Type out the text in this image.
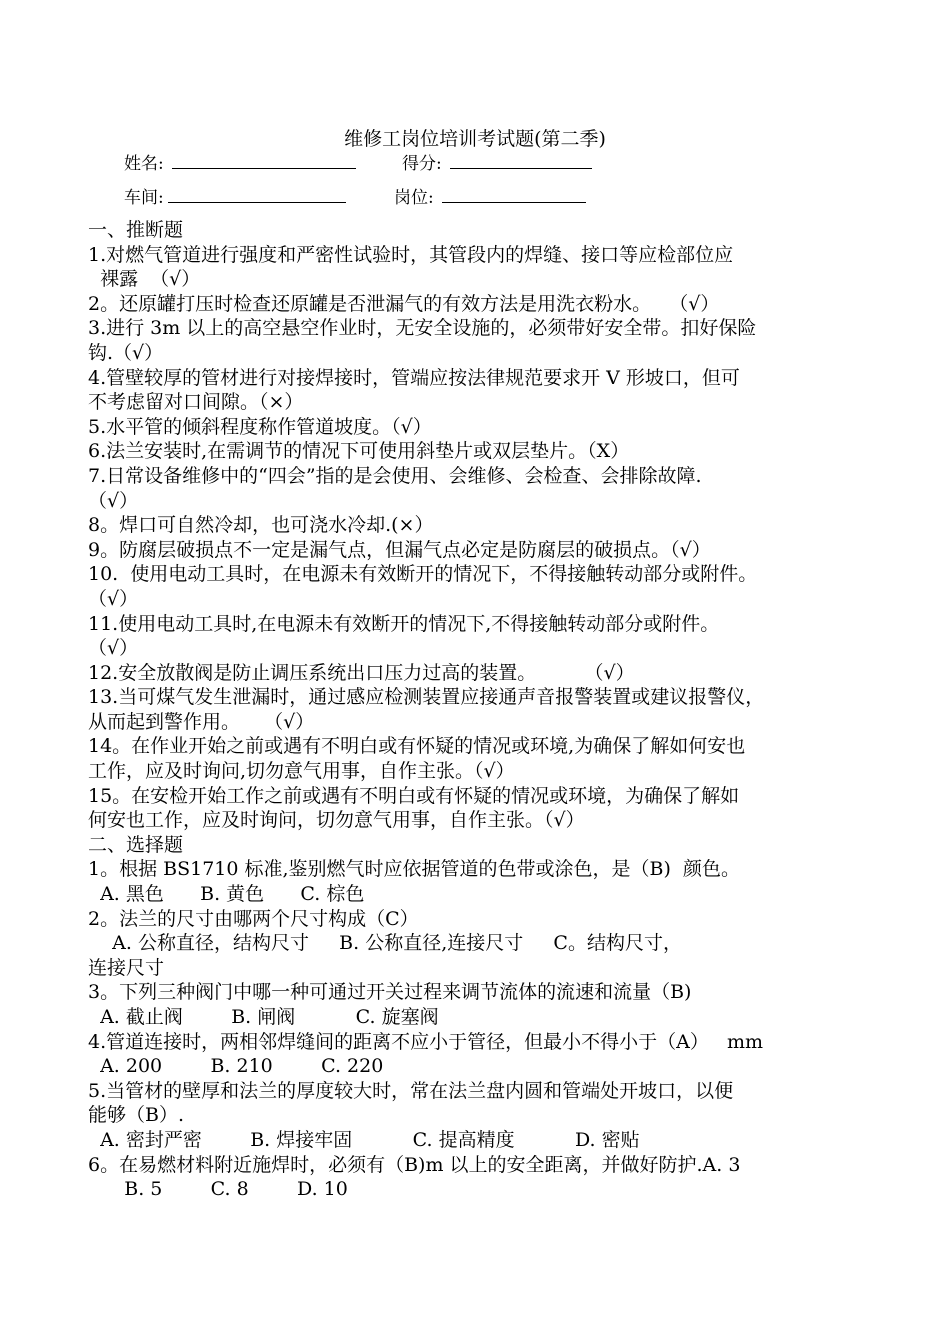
维修工岗位培训考试题(第二季)
姓名:	得分:
车间:	岗位:
一、推断题
1.对燃气管道进行强度和严密性试验时，其管段内的焊缝、接口等应检部位应
裸露  （√）
2。还原罐打压时检查还原罐是否泄漏气的有效方法是用洗衣粉水。   （√）
3.进行 3m 以上的高空悬空作业时，无安全设施的，必须带好安全带。扣好保险
钩.（√）
4.管壁较厚的管材进行对接焊接时，管端应按法律规范要求开 V 形坡口，但可
不考虑留对口间隙。（×）
5.水平管的倾斜程度称作管道坡度。（√）
6.法兰安装时,在需调节的情况下可使用斜垫片或双层垫片。（X）
7.日常设备维修中的“四会”指的是会使用、会维修、会检查、会排除故障.
（√）
8。焊口可自然冷却，也可浇水冷却.(×）
9。防腐层破损点不一定是漏气点，但漏气点必定是防腐层的破损点。（√）
10.  使用电动工具时，在电源未有效断开的情况下，不得接触转动部分或附件。
（√）
11.使用电动工具时,在电源未有效断开的情况下,不得接触转动部分或附件。
（√）
12.安全放散阀是防止调压系统出口压力过高的装置。        （√）
13.当可煤气发生泄漏时，通过感应检测装置应接通声音报警装置或建议报警仪，
从而起到警作用。    （√）
14。在作业开始之前或遇有不明白或有怀疑的情况或环境,为确保了解如何安也
工作，应及时询问,切勿意气用事，自作主张。（√）
15。在安检开始工作之前或遇有不明白或有怀疑的情况或环境，为确保了解如
何安也工作，应及时询问，切勿意气用事，自作主张。（√）
二、选择题
1。根据 BS1710 标准,鉴别燃气时应依据管道的色带或涂色，是（B)  颜色。
A. 黑色      B. 黄色      C. 棕色
2。法兰的尺寸由哪两个尺寸构成（C）
A. 公称直径，结构尺寸     B. 公称直径,连接尺寸     C。结构尺寸，
连接尺寸
3。下列三种阀门中哪一种可通过开关过程来调节流体的流速和流量（B)
A. 截止阀        B. 闸阀          C. 旋塞阀
4.管道连接时，两相邻焊缝间的距离不应小于管径，但最小不得小于（A）   mm
A. 200        B. 210        C. 220
5.当管材的壁厚和法兰的厚度较大时，常在法兰盘内圆和管端处开坡口，以便
能够（B）.
A. 密封严密        B. 焊接牢固          C. 提高精度          D. 密贴
6。在易燃材料附近施焊时，必须有（B)m 以上的安全距离，并做好防护.A. 3
B. 5        C. 8        D. 10
